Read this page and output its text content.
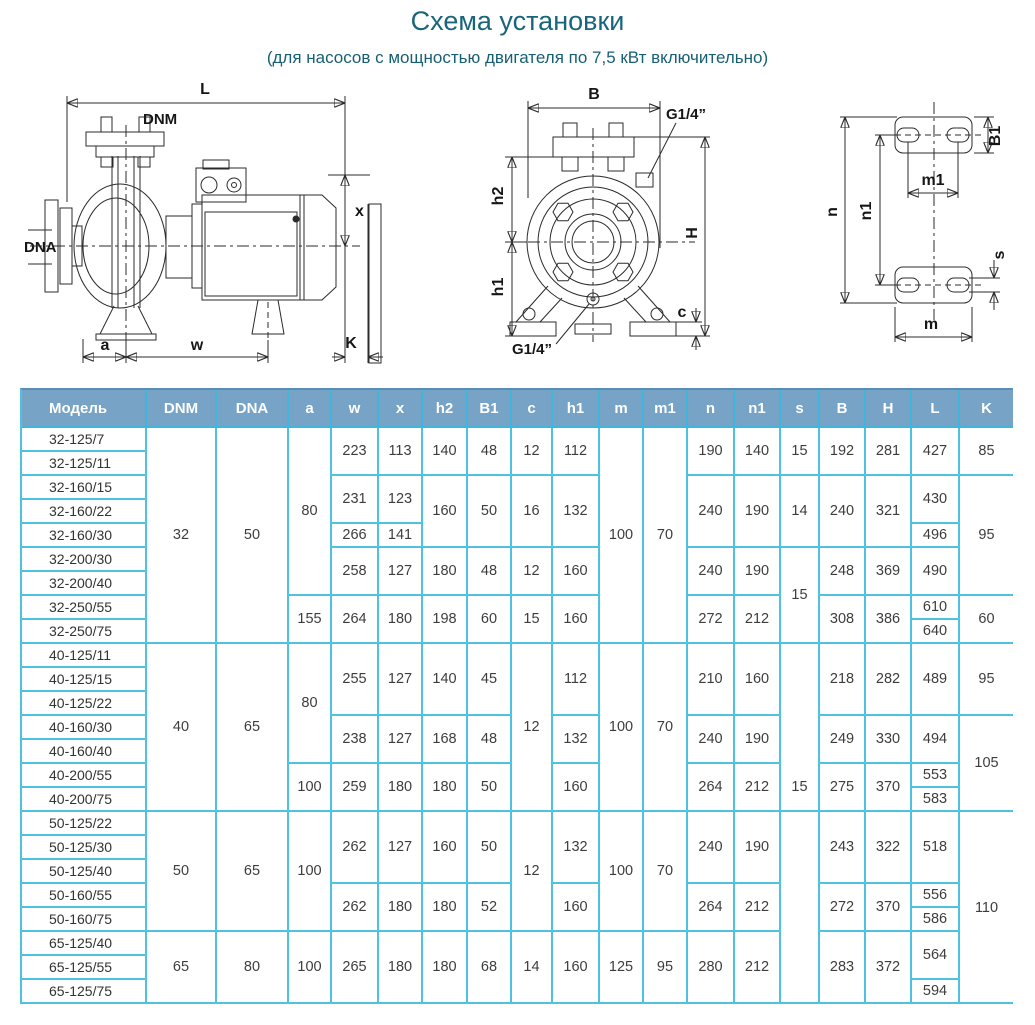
Схема установки
(для насосов с мощностью двигателя по 7,5 кВт включительно)
L
DNM
DNA
x
K
a	w
B
G1/4”
h2
h1
H
c
G1/4”
B1
m1
n n1
s
m
Модель	DNM	DNA	a	w	x	h2	B1	c	h1	m	m1	n	n1	s	B	H	L	K
32-125/7	32	50	80	223	113	140	48	12	112	100	70	190	140	15	192	281	427	85
32-125/11																		
32-160/15				231	123	160	50	16	132			240	190	14	240	321	430	95
32-160/22																		
32-160/30				266	141												496	
32-200/30				258	127	180	48	12	160			240	190	15	248	369	490	
32-200/40																		
32-250/55			155	264	180	198	60	15	160			272	212		308	386	610	60
32-250/75																	640	
40-125/11	40	65	80	255	127	140	45	12	112	100	70	210	160		218	282	489	95
40-125/15																		
40-125/22																		
40-160/30				238	127	168	48		132			240	190		249	330	494	105
40-160/40																		
40-200/55			100	259	180	180	50		160			264	212	15	275	370	553	
40-200/75																	583	
50-125/22	50	65	100	262	127	160	50	12	132	100	70	240	190		243	322	518	
50-125/30																		
50-125/40																		
50-160/55				262	180	180	52		160			264	212		272	370	556	110
50-160/75																	586	
65-125/40	65	80	100	265	180	180	68	14	160	125	95	280	212		283	372	564	
65-125/55																		
65-125/75																	594	
